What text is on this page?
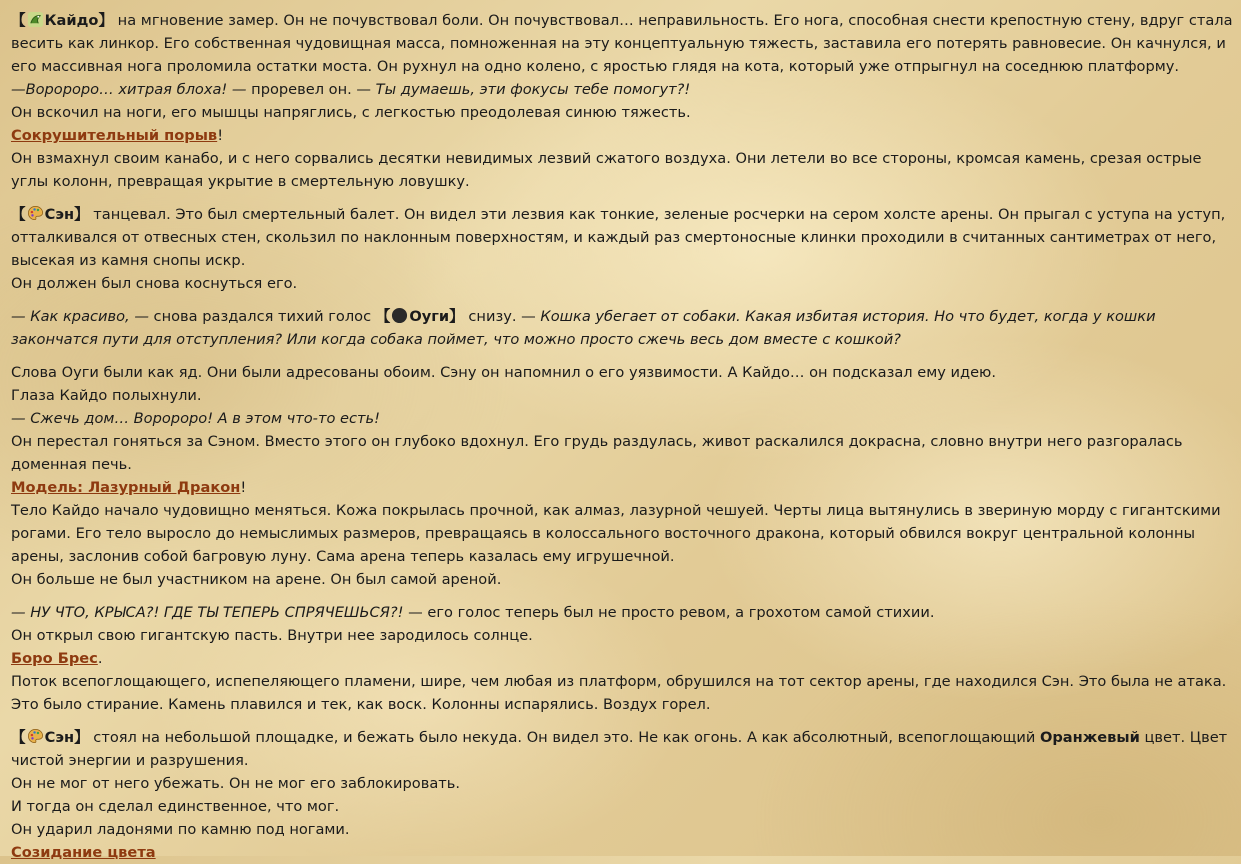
【 Кайдо】 на мгновение замер. Он не почувствовал боли. Он почувствовал… неправильность. Его нога, способная снести крепостную стену, вдруг стала весить как линкор. Его собственная чудовищная масса, помноженная на эту концептуальную тяжесть, заставила его потерять равновесие. Он качнулся, и его массивная нога проломила остатки моста. Он рухнул на одно колено, с яростью глядя на кота, который уже отпрыгнул на соседнюю платформу.

—Воророро… хитрая блоха! — проревел он. — Ты думаешь, эти фокусы тебе помогут?!

Он вскочил на ноги, его мышцы напряглись, с легкостью преодолевая синюю тяжесть.

Сокрушительный порыв!

Он взмахнул своим канабо, и с него сорвались десятки невидимых лезвий сжатого воздуха. Они летели во все стороны, кромсая камень, срезая острые углы колонн, превращая укрытие в смертельную ловушку.

【 Сэн】 танцевал. Это был смертельный балет. Он видел эти лезвия как тонкие, зеленые росчерки на сером холсте арены. Он прыгал с уступа на уступ, отталкивался от отвесных стен, скользил по наклонным поверхностям, и каждый раз смертоносные клинки проходили в считанных сантиметрах от него, высекая из камня снопы искр.

Он должен был снова коснуться его.

— Как красиво, — снова раздался тихий голос 【 Оуги】 снизу. — Кошка убегает от собаки. Какая избитая история. Но что будет, когда у кошки закончатся пути для отступления? Или когда собака поймет, что можно просто сжечь весь дом вместе с кошкой?

Слова Оуги были как яд. Они были адресованы обоим. Сэну он напомнил о его уязвимости. А Кайдо… он подсказал ему идею.

Глаза Кайдо полыхнули.

— Сжечь дом… Воророро! А в этом что-то есть!

Он перестал гоняться за Сэном. Вместо этого он глубоко вдохнул. Его грудь раздулась, живот раскалился докрасна, словно внутри него разгоралась доменная печь.

Модель: Лазурный Дракон!

Тело Кайдо начало чудовищно меняться. Кожа покрылась прочной, как алмаз, лазурной чешуей. Черты лица вытянулись в звериную морду с гигантскими рогами. Его тело выросло до немыслимых размеров, превращаясь в колоссального восточного дракона, который обвился вокруг центральной колонны арены, заслонив собой багровую луну. Сама арена теперь казалась ему игрушечной.

Он больше не был участником на арене. Он был самой ареной.

— НУ ЧТО, КРЫСА?! ГДЕ ТЫ ТЕПЕРЬ СПРЯЧЕШЬСЯ?! — его голос теперь был не просто ревом, а грохотом самой стихии.

Он открыл свою гигантскую пасть. Внутри нее зародилось солнце.

Боро Брес.

Поток всепоглощающего, испепеляющего пламени, шире, чем любая из платформ, обрушился на тот сектор арены, где находился Сэн. Это была не атака. Это было стирание. Камень плавился и тек, как воск. Колонны испарялись. Воздух горел.

【 Сэн】 стоял на небольшой площадке, и бежать было некуда. Он видел это. Не как огонь. А как абсолютный, всепоглощающий Оранжевый цвет. Цвет чистой энергии и разрушения.

Он не мог от него убежать. Он не мог его заблокировать.

И тогда он сделал единственное, что мог.

Он ударил ладонями по камню под ногами.

Созидание цвета
